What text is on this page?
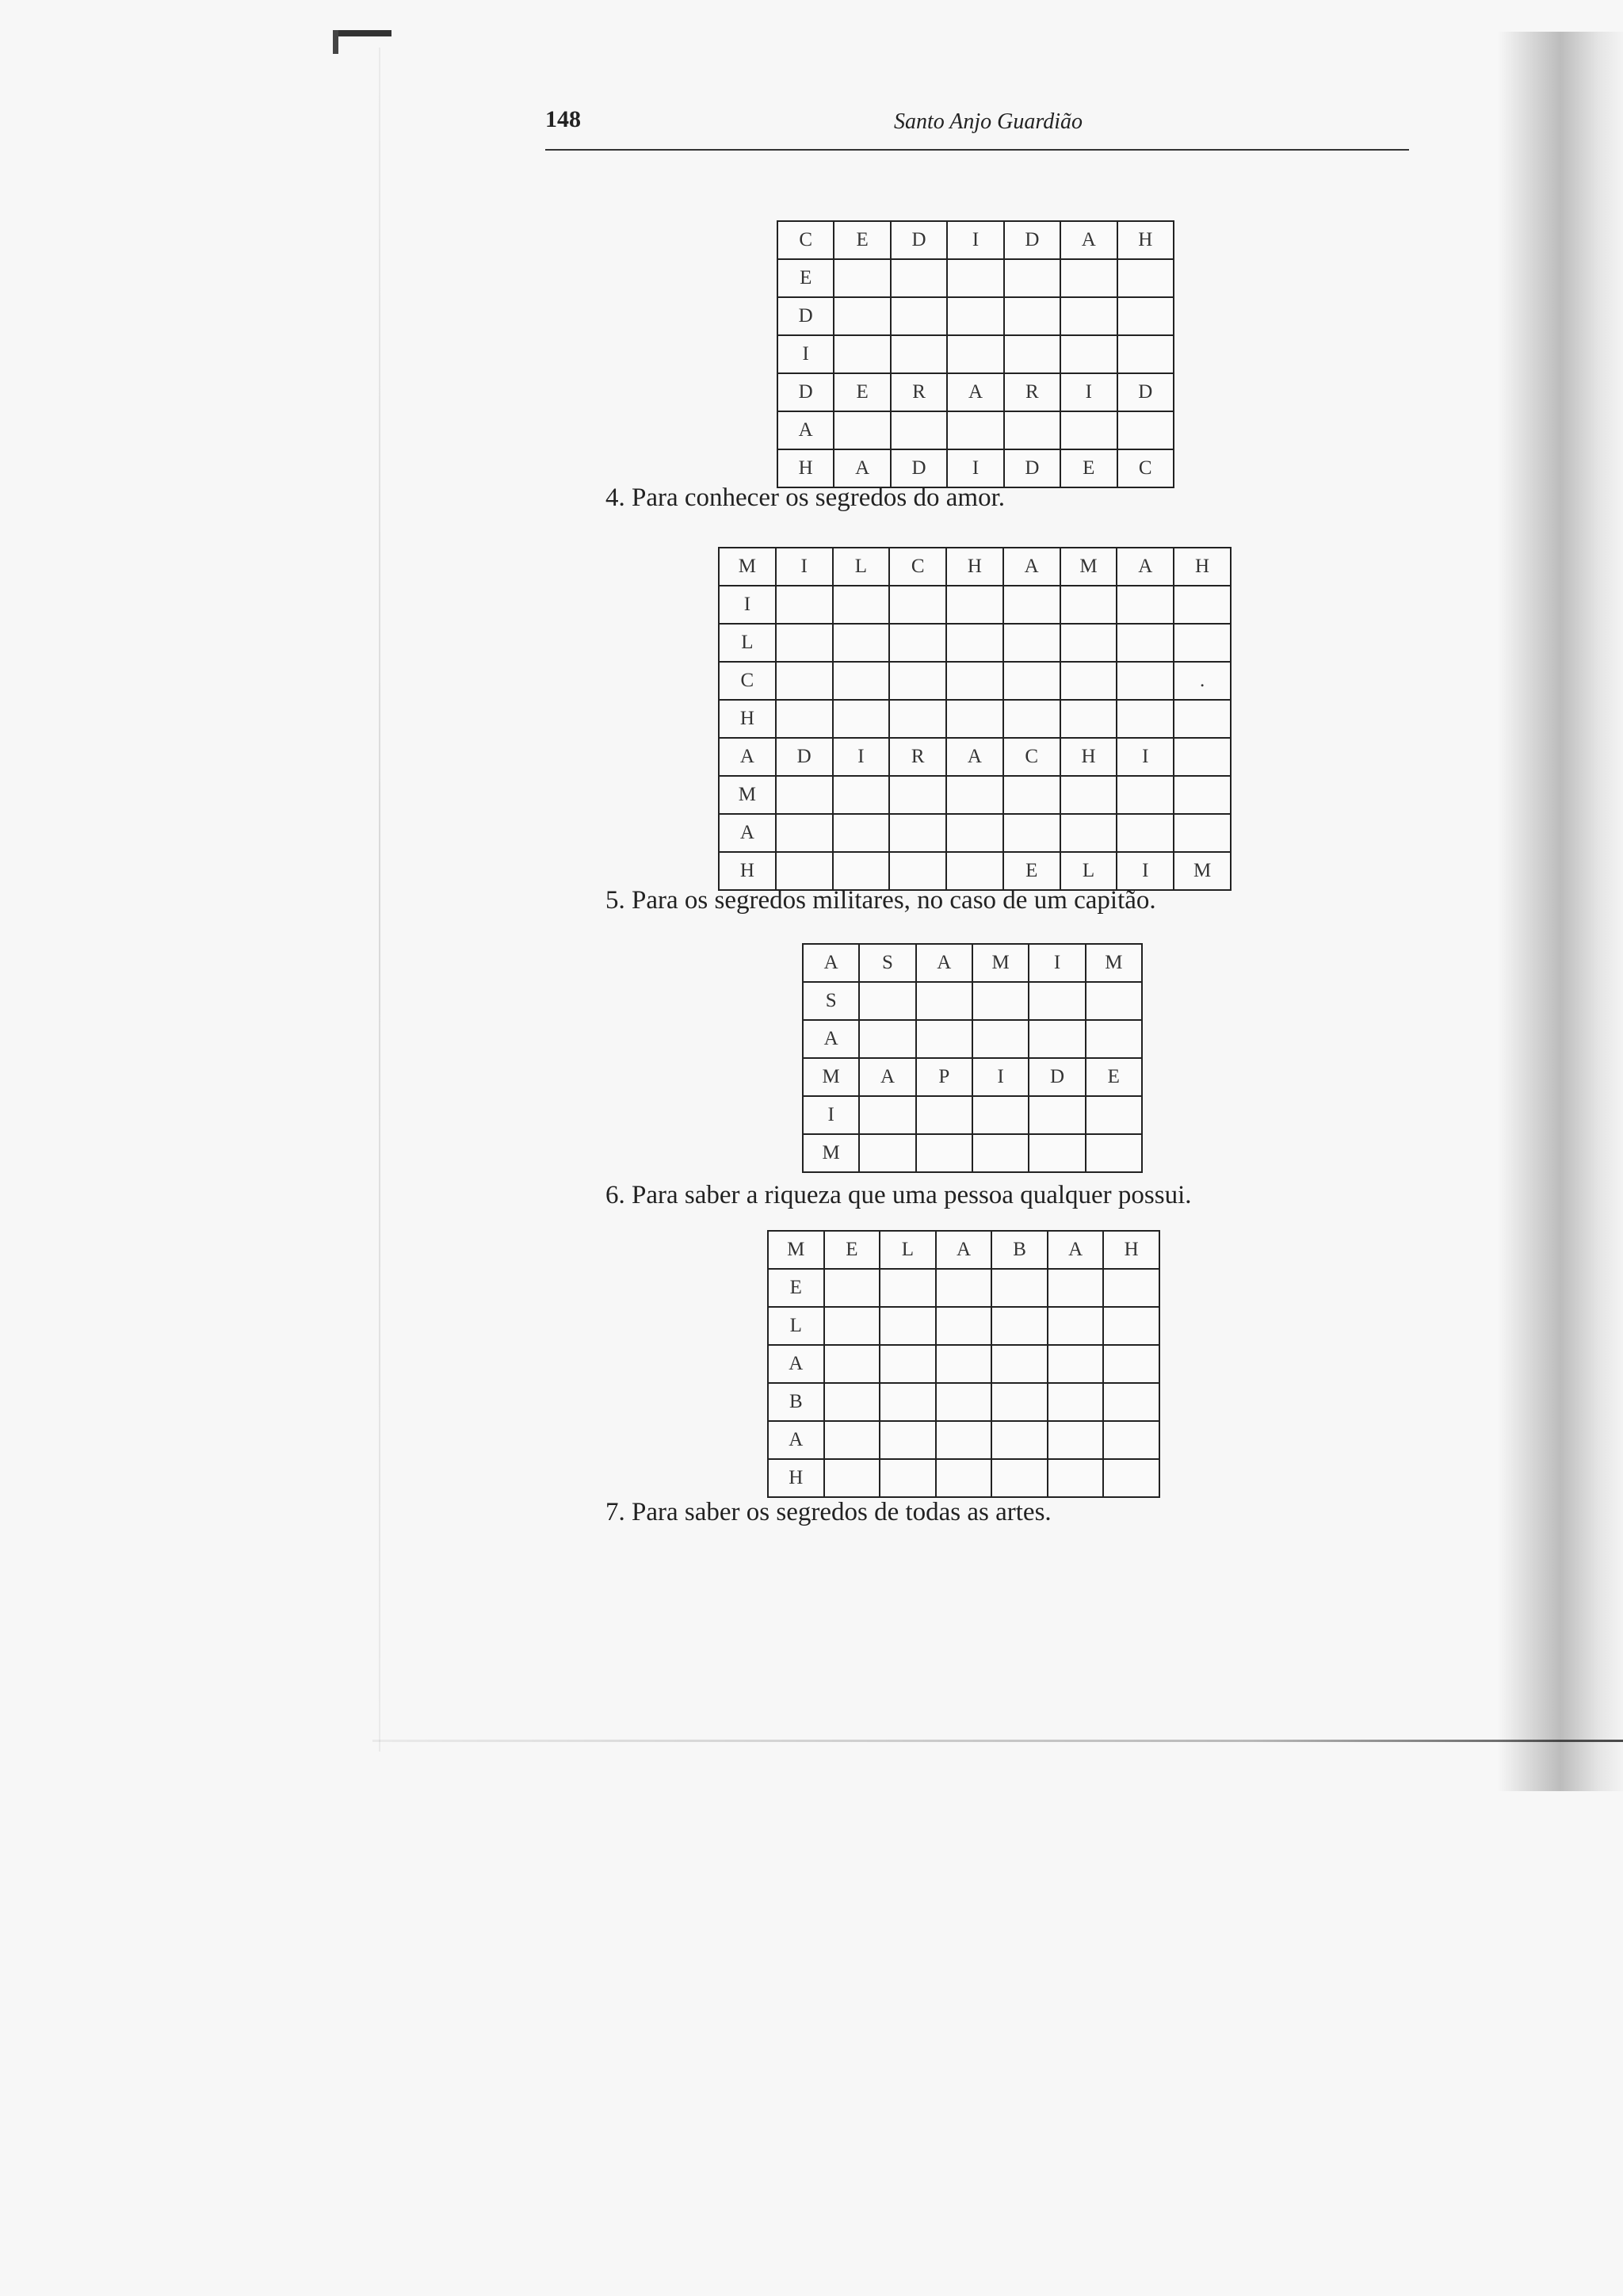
148	Santo Anjo Guardião
C	E	D	I	D	A	H
E						
D						
I						
D	E	R	A	R	I	D
A						
H	A	D	I	D	E	C
4. Para conhecer os segredos do amor.
M	I	L	C	H	A	M	A	H
I								
L								
C								.
H								
A	D	I	R	A	C	H	I	
M								
A								
H					E	L	I	M
5. Para os segredos militares, no caso de um capitão.
A	S	A	M	I	M
S					
A					
M	A	P	I	D	E
I					
M					
6. Para saber a riqueza que uma pessoa qualquer possui.
M	E	L	A	B	A	H
E						
L						
A						
B						
A						
H						
7. Para saber os segredos de todas as artes.
